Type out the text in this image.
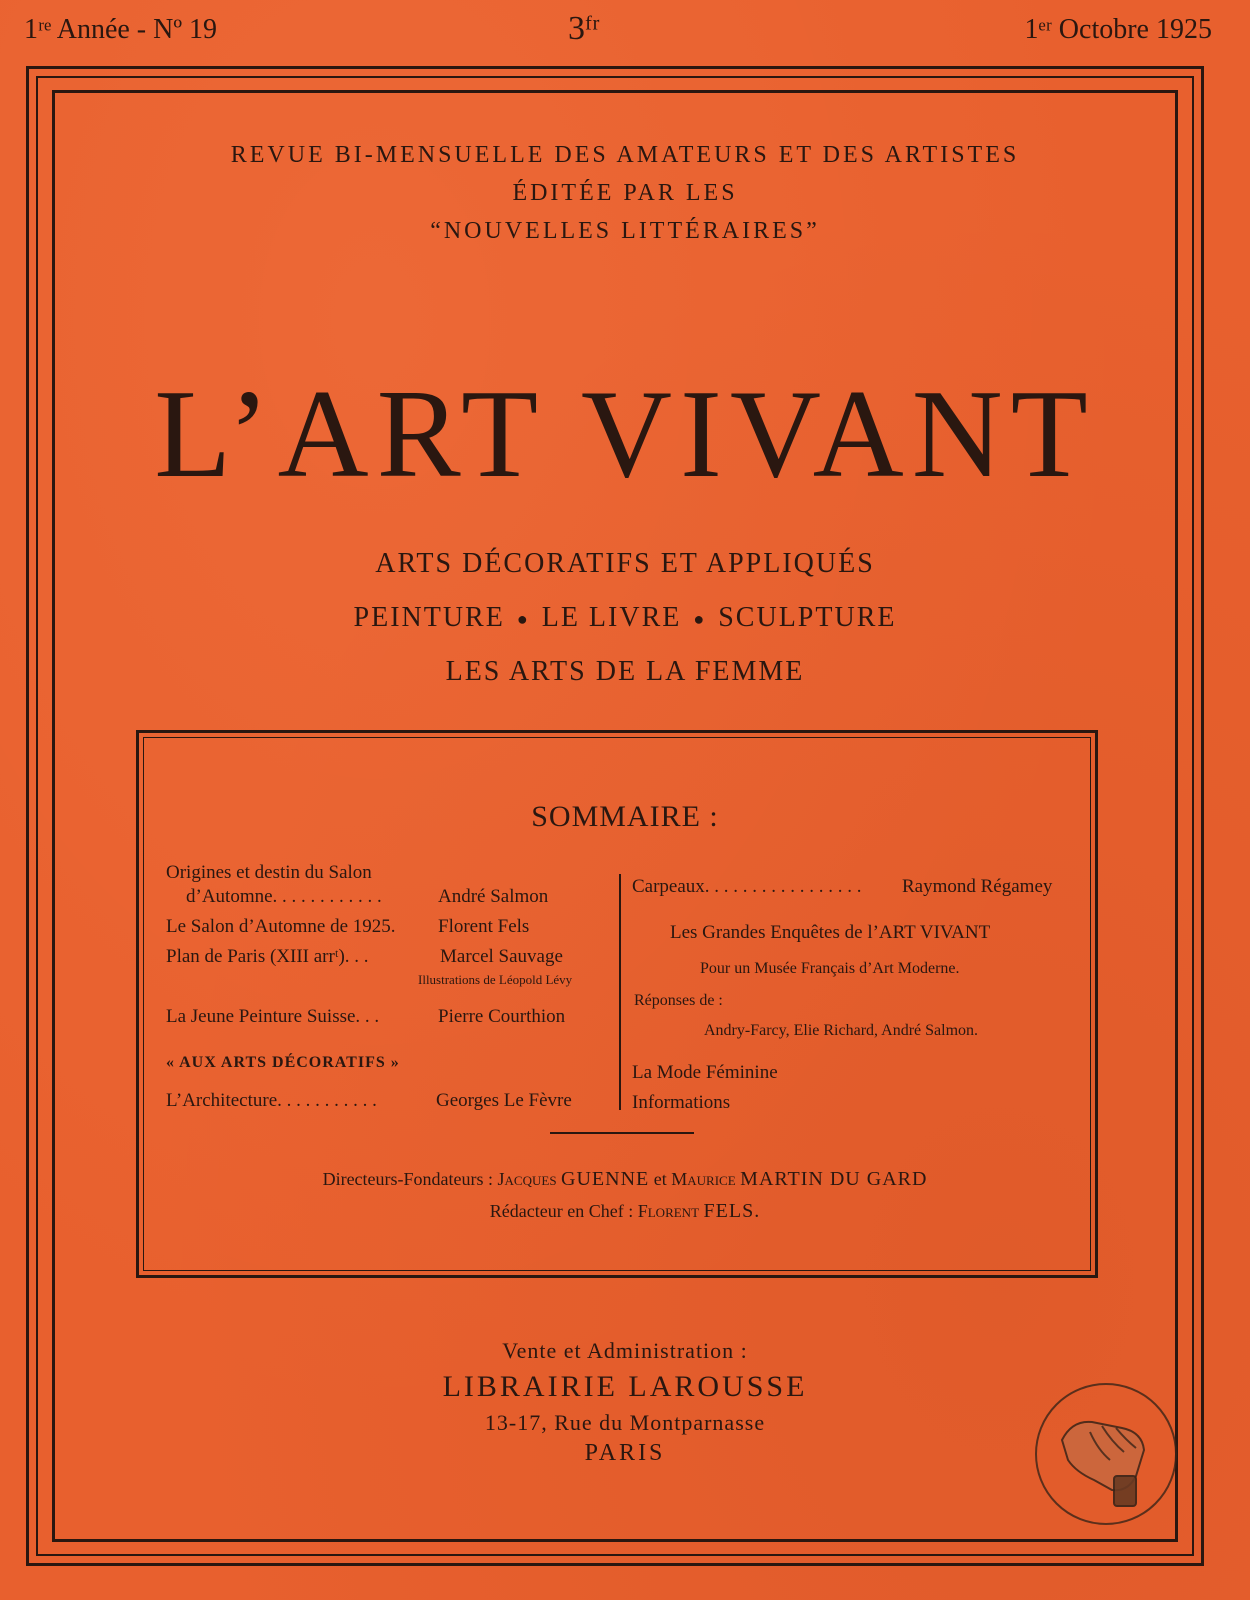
1ʳᵉ Année - Nº 19	3ᶠʳ	1ᵉʳ Octobre 1925
REVUE BI-MENSUELLE DES AMATEURS ET DES ARTISTES
ÉDITÉE PAR LES
“NOUVELLES LITTÉRAIRES”
L’ART VIVANT
ARTS DÉCORATIFS ET APPLIQUÉS
PEINTURE ● LE LIVRE ● SCULPTURE
LES ARTS DE LA FEMME
SOMMAIRE :
Origines et destin du Salon
d’Automne. . . . . . . . . . . .	André Salmon
Le Salon d’Automne de 1925. Florent Fels
Plan de Paris (XIII arrᵗ). . .	Marcel Sauvage
Illustrations de Léopold Lévy
La Jeune Peinture Suisse. . .	Pierre Courthion
« AUX ARTS DÉCORATIFS »
L’Architecture. . . . . . . . . . .	Georges Le Fèvre
Carpeaux. . . . . . . . . . . . . . . . . Raymond Régamey
Les Grandes Enquêtes de l’ART VIVANT
Pour un Musée Français d’Art Moderne.
Réponses de :
Andry-Farcy, Elie Richard, André Salmon.
La Mode Féminine
Informations
Directeurs-Fondateurs : Jacques GUENNE et Maurice MARTIN DU GARD
Rédacteur en Chef : Florent FELS.
Vente et Administration :
LIBRAIRIE LAROUSSE
13-17, Rue du Montparnasse
PARIS
